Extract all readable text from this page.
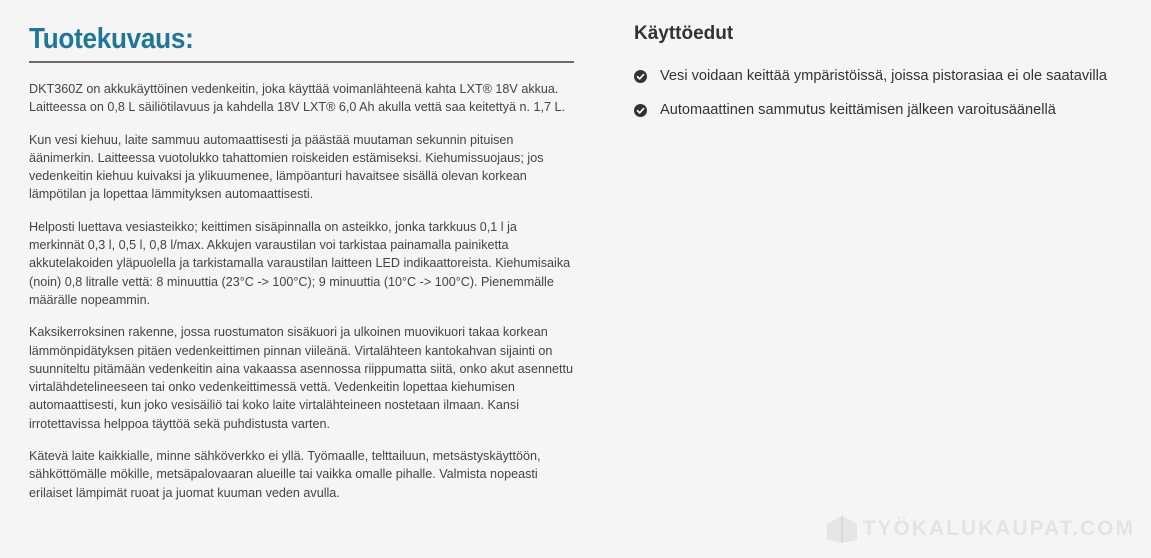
Tuotekuvaus:

DKT360Z on akkukäyttöinen vedenkeitin, joka käyttää voimanlähteenä kahta LXT® 18V akkua. Laitteessa on 0,8 L säiliötilavuus ja kahdella 18V LXT® 6,0 Ah akulla vettä saa keitettyä n. 1,7 L.

Kun vesi kiehuu, laite sammuu automaattisesti ja päästää muutaman sekunnin pituisen äänimerkin. Laitteessa vuotolukko tahattomien roiskeiden estämiseksi. Kiehumissuojaus; jos vedenkeitin kiehuu kuivaksi ja ylikuumenee, lämpöanturi havaitsee sisällä olevan korkean lämpötilan ja lopettaa lämmityksen automaattisesti.

Helposti luettava vesiasteikko; keittimen sisäpinnalla on asteikko, jonka tarkkuus 0,1 l ja merkinnät 0,3 l, 0,5 l, 0,8 l/max. Akkujen varaustilan voi tarkistaa painamalla painiketta akkutelakoiden yläpuolella ja tarkistamalla varaustilan laitteen LED indikaattoreista. Kiehumisaika (noin) 0,8 litralle vettä: 8 minuuttia (23°C -> 100°C); 9 minuuttia (10°C -> 100°C). Pienemmälle määrälle nopeammin.

Kaksikerroksinen rakenne, jossa ruostumaton sisäkuori ja ulkoinen muovikuori takaa korkean lämmönpidätyksen pitäen vedenkeittimen pinnan viileänä. Virtalähteen kantokahvan sijainti on suunniteltu pitämään vedenkeitin aina vakaassa asennossa riippumatta siitä, onko akut asennettu virtalähdetelineeseen tai onko vedenkeittimessä vettä. Vedenkeitin lopettaa kiehumisen automaattisesti, kun joko vesisäiliö tai koko laite virtalähteineen nostetaan ilmaan. Kansi irrotettavissa helppoa täyttöä sekä puhdistusta varten.

Kätevä laite kaikkialle, minne sähköverkko ei yllä. Työmaalle, telttailuun, metsästyskäyttöön, sähköttömälle mökille, metsäpalovaaran alueille tai vaikka omalle pihalle. Valmista nopeasti erilaiset lämpimät ruoat ja juomat kuuman veden avulla.

Käyttöedut
Vesi voidaan keittää ympäristöissä, joissa pistorasiaa ei ole saatavilla
Automaattinen sammutus keittämisen jälkeen varoitusäänellä
TYÖKALUKAUPAT.COM
